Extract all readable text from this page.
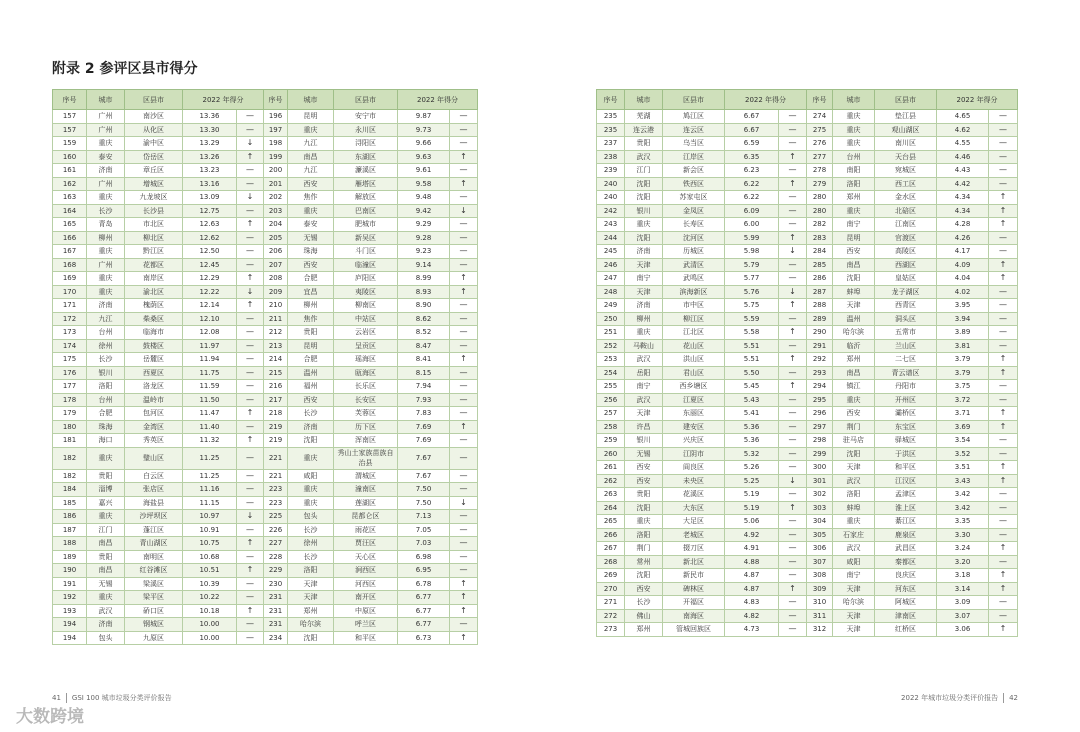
附录 2 参评区县市得分
序号	城市	区县市	2022 年得分		序号	城市	区县市	2022 年得分	
157	广州	南沙区	13.36	—	196	昆明	安宁市	9.87	—
157	广州	从化区	13.30	—	197	重庆	永川区	9.73	—
159	重庆	渝中区	13.29	↓	198	九江	浔阳区	9.66	—
160	泰安	岱岳区	13.26	↑	199	南昌	东湖区	9.63	↑
161	济南	章丘区	13.23	—	200	九江	濂溪区	9.61	—
162	广州	增城区	13.16	—	201	西安	雁塔区	9.58	↑
163	重庆	九龙坡区	13.09	↓	202	焦作	解放区	9.48	—
164	长沙	长沙县	12.75	—	203	重庆	巴南区	9.42	↓
165	青岛	市北区	12.63	↑	204	泰安	肥城市	9.29	—
166	柳州	柳北区	12.62	—	205	无锡	新吴区	9.28	—
167	重庆	黔江区	12.50	—	206	珠海	斗门区	9.23	—
168	广州	花都区	12.45	—	207	西安	临潼区	9.14	—
169	重庆	南岸区	12.29	↑	208	合肥	庐阳区	8.99	↑
170	重庆	渝北区	12.22	↓	209	宜昌	夷陵区	8.93	↑
171	济南	槐荫区	12.14	↑	210	柳州	柳南区	8.90	—
172	九江	柴桑区	12.10	—	211	焦作	中站区	8.62	—
173	台州	临海市	12.08	—	212	贵阳	云岩区	8.52	—
174	徐州	鼓楼区	11.97	—	213	昆明	呈贡区	8.47	—
175	长沙	岳麓区	11.94	—	214	合肥	瑶海区	8.41	↑
176	银川	西夏区	11.75	—	215	温州	瓯海区	8.15	—
177	洛阳	洛龙区	11.59	—	216	福州	长乐区	7.94	—
178	台州	温岭市	11.50	—	217	西安	长安区	7.93	—
179	合肥	包河区	11.47	↑	218	长沙	芙蓉区	7.83	—
180	珠海	金湾区	11.40	—	219	济南	历下区	7.69	↑
181	海口	秀英区	11.32	↑	219	沈阳	浑南区	7.69	—
182	重庆	璧山区	11.25	—	221	重庆	秀山土家族苗族自治县	7.67	—
182	贵阳	白云区	11.25	—	221	咸阳	渭城区	7.67	—
184	淄博	张店区	11.16	—	223	重庆	潼南区	7.50	—
185	嘉兴	海盐县	11.15	—	223	重庆	莲湖区	7.50	↓
186	重庆	沙坪坝区	10.97	↓	225	包头	昆都仑区	7.13	—
187	江门	蓬江区	10.91	—	226	长沙	雨花区	7.05	—
188	南昌	青山湖区	10.75	↑	227	徐州	贾汪区	7.03	—
189	贵阳	南明区	10.68	—	228	长沙	天心区	6.98	—
190	南昌	红谷滩区	10.51	↑	229	洛阳	涧西区	6.95	—
191	无锡	梁溪区	10.39	—	230	天津	河西区	6.78	↑
192	重庆	梁平区	10.22	—	231	天津	南开区	6.77	↑
193	武汉	硚口区	10.18	↑	231	郑州	中原区	6.77	↑
194	济南	钢城区	10.00	—	231	哈尔滨	呼兰区	6.77	—
194	包头	九原区	10.00	—	234	沈阳	和平区	6.73	↑
序号	城市	区县市	2022 年得分		序号	城市	区县市	2022 年得分	
235	芜湖	鸠江区	6.67	—	274	重庆	垫江县	4.65	—
235	连云港	连云区	6.67	—	275	重庆	观山湖区	4.62	—
237	贵阳	乌当区	6.59	—	276	重庆	南川区	4.55	—
238	武汉	江岸区	6.35	↑	277	台州	天台县	4.46	—
239	江门	新会区	6.23	—	278	南阳	宛城区	4.43	—
240	沈阳	铁西区	6.22	↑	279	洛阳	西工区	4.42	—
240	沈阳	苏家屯区	6.22	—	280	郑州	金水区	4.34	↑
242	银川	金凤区	6.09	—	280	重庆	北碚区	4.34	↑
243	重庆	长寿区	6.00	—	282	南宁	江南区	4.28	↑
244	沈阳	沈河区	5.99	↑	283	昆明	官渡区	4.26	—
245	济南	历城区	5.98	↓	284	西安	高陵区	4.17	—
246	天津	武清区	5.79	—	285	南昌	西湖区	4.09	↑
247	南宁	武鸣区	5.77	—	286	沈阳	皇姑区	4.04	↑
248	天津	滨海新区	5.76	↓	287	蚌埠	龙子湖区	4.02	—
249	济南	市中区	5.75	↑	288	天津	西青区	3.95	—
250	柳州	柳江区	5.59	—	289	温州	洞头区	3.94	—
251	重庆	江北区	5.58	↑	290	哈尔滨	五常市	3.89	—
252	马鞍山	花山区	5.51	—	291	临沂	兰山区	3.81	—
253	武汉	洪山区	5.51	↑	292	郑州	二七区	3.79	↑
254	岳阳	君山区	5.50	—	293	南昌	青云谱区	3.79	↑
255	南宁	西乡塘区	5.45	↑	294	镇江	丹阳市	3.75	—
256	武汉	江夏区	5.43	—	295	重庆	开州区	3.72	—
257	天津	东丽区	5.41	—	296	西安	灞桥区	3.71	↑
258	许昌	建安区	5.36	—	297	荆门	东宝区	3.69	↑
259	银川	兴庆区	5.36	—	298	驻马店	驿城区	3.54	—
260	无锡	江阴市	5.32	—	299	沈阳	于洪区	3.52	—
261	西安	阎良区	5.26	—	300	天津	和平区	3.51	↑
262	西安	未央区	5.25	↓	301	武汉	江汉区	3.43	↑
263	贵阳	花溪区	5.19	—	302	洛阳	孟津区	3.42	—
264	沈阳	大东区	5.19	↑	303	蚌埠	淮上区	3.42	—
265	重庆	大足区	5.06	—	304	重庆	綦江区	3.35	—
266	洛阳	老城区	4.92	—	305	石家庄	鹿泉区	3.30	—
267	荆门	掇刀区	4.91	—	306	武汉	武昌区	3.24	↑
268	常州	新北区	4.88	—	307	咸阳	秦都区	3.20	—
269	沈阳	新民市	4.87	—	308	南宁	良庆区	3.18	↑
270	西安	碑林区	4.87	↑	309	天津	河东区	3.14	↑
271	长沙	开福区	4.83	—	310	哈尔滨	阿城区	3.09	—
272	佛山	南海区	4.82	—	311	天津	津南区	3.07	—
273	郑州	管城回族区	4.73	—	312	天津	红桥区	3.06	↑
41 GSI 100 城市垃圾分类评价报告	2022 年城市垃圾分类评价报告 42
大数跨境
